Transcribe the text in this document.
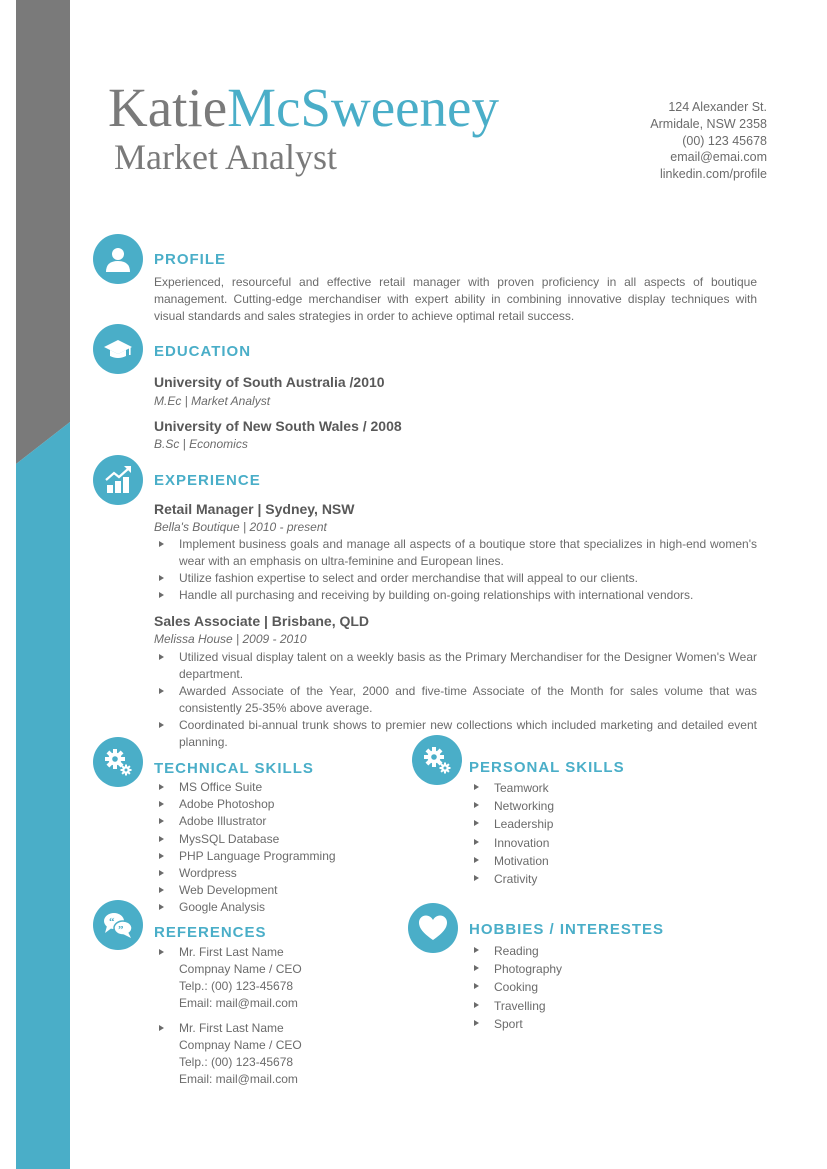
KatieMcSweeney
Market Analyst
124 Alexander St.
Armidale, NSW 2358
(00) 123 45678
email@emai.com
linkedin.com/profile
PROFILE
Experienced, resourceful and effective retail manager with proven proficiency in all aspects of boutique management. Cutting-edge merchandiser with expert ability in combining innovative display techniques with visual standards and sales strategies in order to achieve optimal retail success.
EDUCATION
University of South Australia /2010
M.Ec | Market Analyst
University of New South Wales / 2008
B.Sc | Economics
EXPERIENCE
Retail Manager | Sydney, NSW
Bella's Boutique | 2010 - present
Implement business goals and manage all aspects of a boutique store that specializes in high-end women's wear with an emphasis on ultra-feminine and European lines.
Utilize fashion expertise to select and order merchandise that will appeal to our clients.
Handle all purchasing and receiving by building on-going relationships with international vendors.
Sales Associate | Brisbane, QLD
Melissa House | 2009 - 2010
Utilized visual display talent on a weekly basis as the Primary Merchandiser for the Designer Women's Wear department.
Awarded Associate of the Year, 2000 and five-time Associate of the Month for sales volume that was consistently 25-35% above average.
Coordinated bi-annual trunk shows to premier new collections which included marketing and detailed event planning.
TECHNICAL SKILLS
MS Office Suite
Adobe Photoshop
Adobe Illustrator
MysSQL Database
PHP Language Programming
Wordpress
Web Development
Google Analysis
PERSONAL SKILLS
Teamwork
Networking
Leadership
Innovation
Motivation
Crativity
“
” REFERENCES
Mr. First Last Name
Compnay Name / CEO
Telp.: (00) 123-45678
Email: mail@mail.com
Mr. First Last Name
Compnay Name / CEO
Telp.: (00) 123-45678
Email: mail@mail.com
HOBBIES / INTERESTES
Reading
Photography
Cooking
Travelling
Sport
